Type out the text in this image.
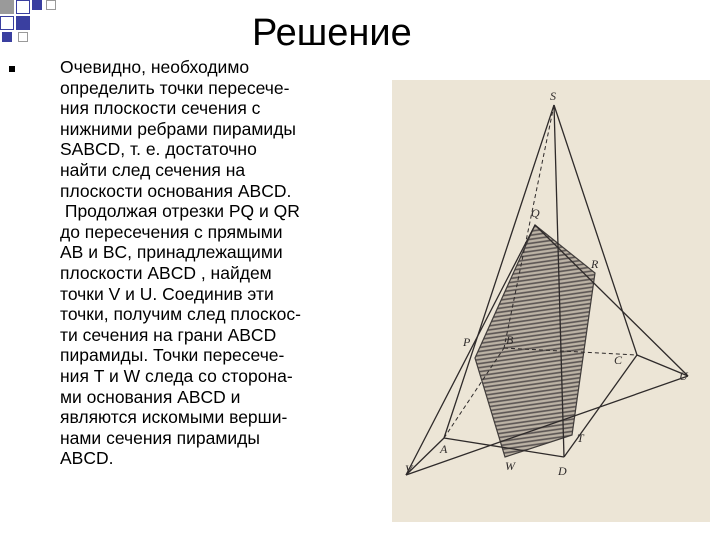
Решение
Очевидно, необходимо
определить точки пересече-
ния плоскости сечения с
нижними ребрами пирамиды
SABCD, т. е. достаточно
найти след сечения на
плоскости основания ABCD.
Продолжая отрезки PQ и QR
до пересечения с прямыми
AB и BC, принадлежащими
плоскости ABCD , найдем
точки V и U. Соединив эти
точки, получим след плоскос-
ти сечения на грани ABCD
пирамиды. Точки пересече-
ния T и W следа со сторона-
ми основания ABCD и
являются искомыми верши-
нами сечения пирамиды
ABCD.
S
Q
R
P	B
C
U
A
T
W	D
V
